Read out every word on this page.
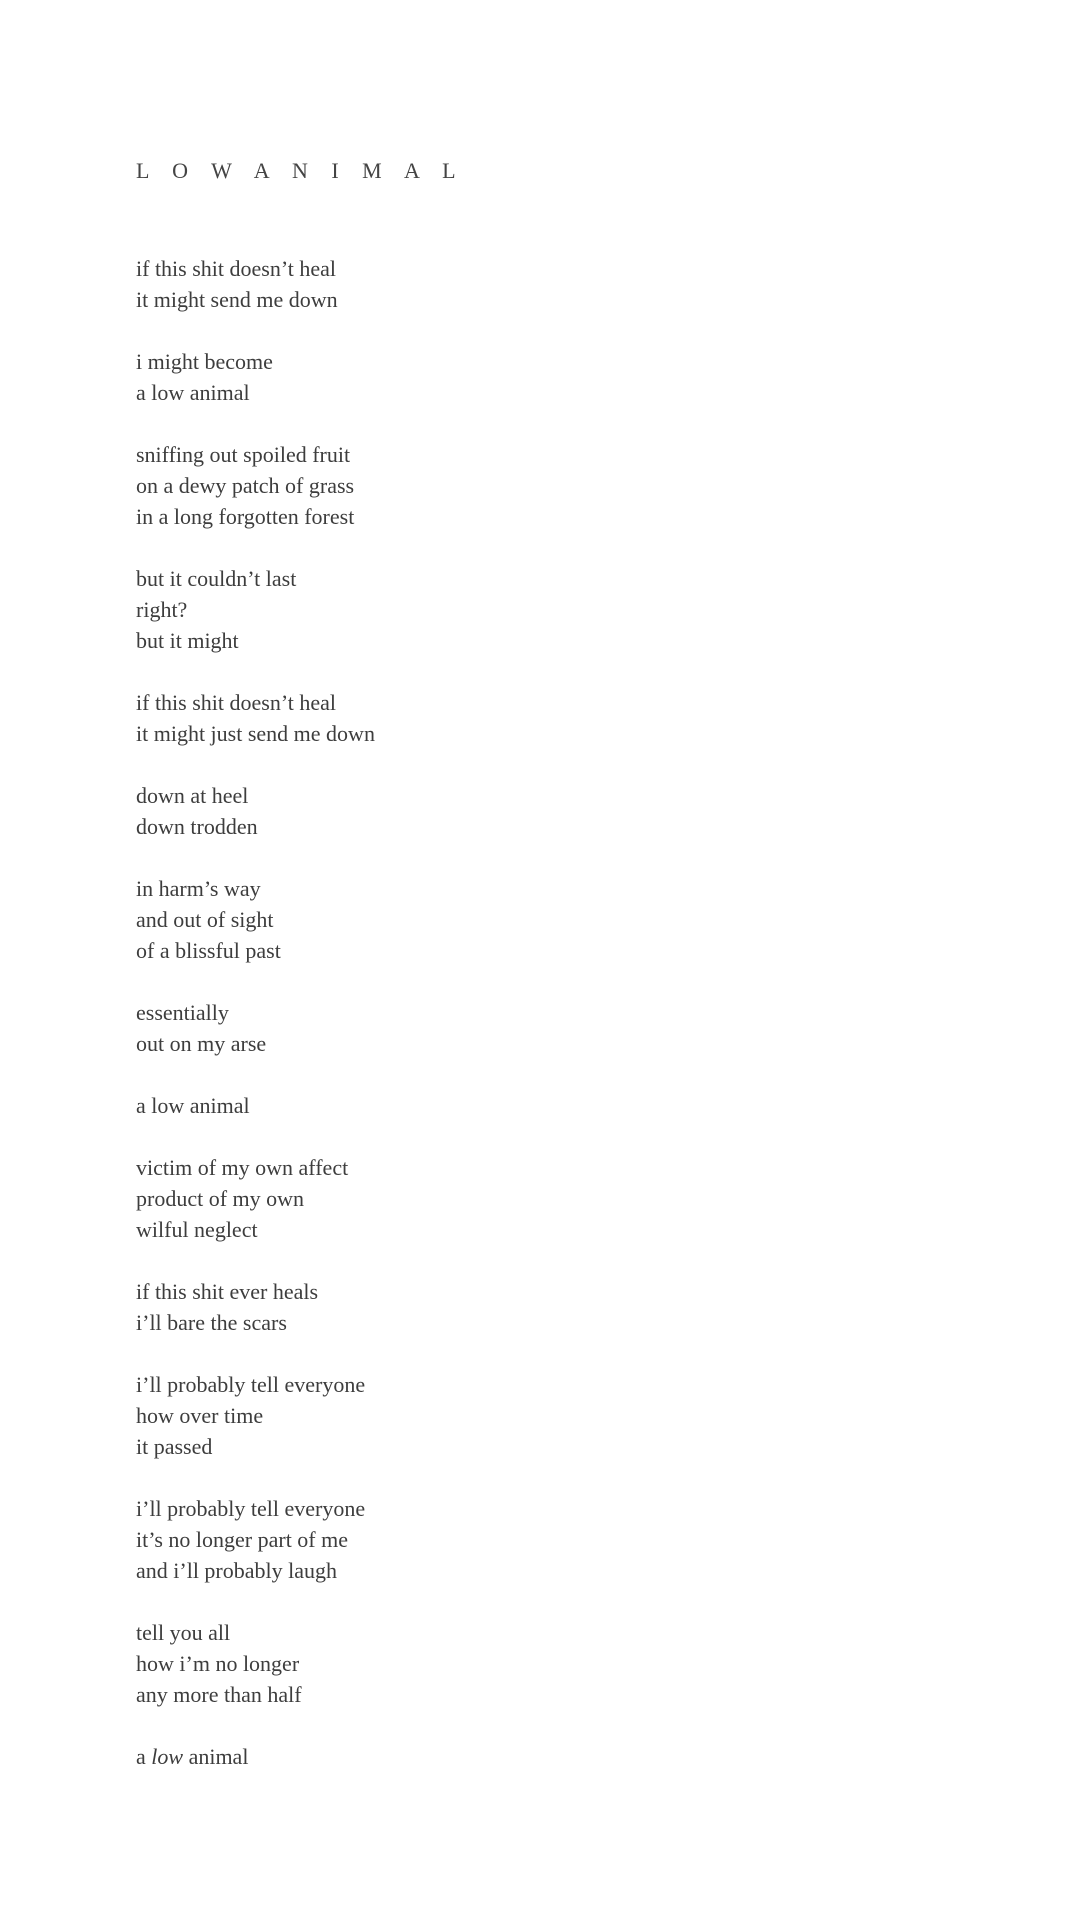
L O W A N I M A L
if this shit doesn’t heal
it might send me down
i might become
a low animal
sniffing out spoiled fruit
on a dewy patch of grass
in a long forgotten forest
but it couldn’t last
right?
but it might
if this shit doesn’t heal
it might just send me down
down at heel
down trodden
in harm’s way
and out of sight
of a blissful past
essentially
out on my arse
a low animal
victim of my own affect
product of my own
wilful neglect
if this shit ever heals
i’ll bare the scars
i’ll probably tell everyone
how over time
it passed
i’ll probably tell everyone
it’s no longer part of me
and i’ll probably laugh
tell you all
how i’m no longer
any more than half
a low animal
